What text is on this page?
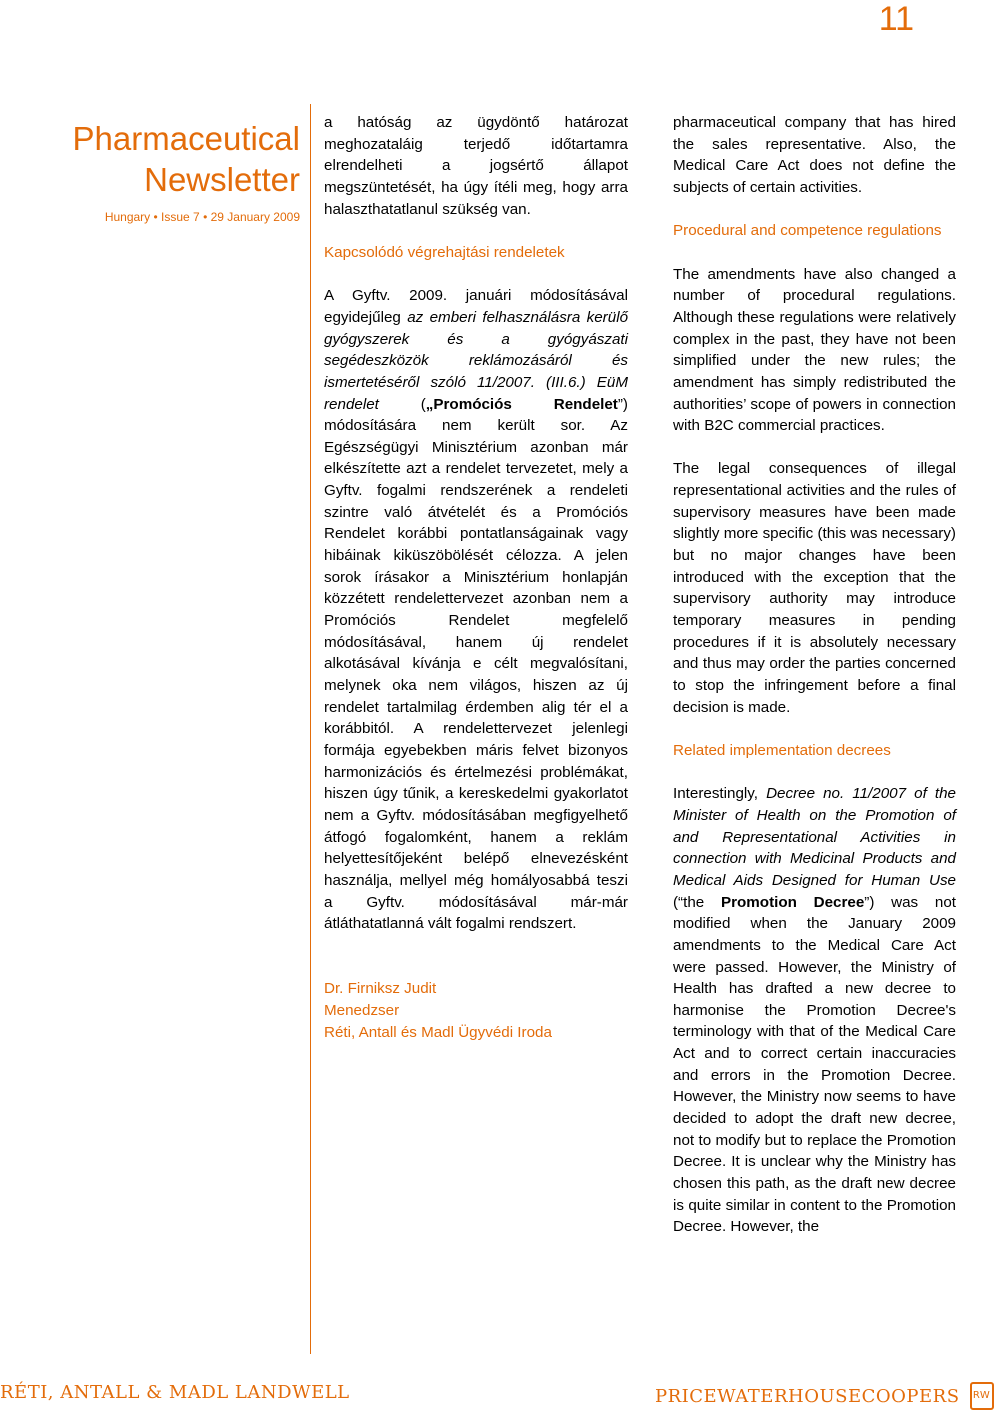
11
Pharmaceutical
Newsletter
Hungary • Issue 7 • 29 January 2009

a hatóság az ügydöntő határozat meghozataláig terjedő időtartamra elrendelheti a jogsértő állapot megszüntetését, ha úgy ítéli meg, hogy arra halaszthatatlanul szükség van.

Kapcsolódó végrehajtási rendeletek

A Gyftv. 2009. januári módosításával egyidejűleg az emberi felhasználásra kerülő gyógyszerek és a gyógyászati segédeszközök reklámozásáról és ismertetéséről szóló 11/2007. (III.6.) EüM rendelet („Promóciós Rendelet”) módosítására nem került sor. Az Egészségügyi Minisztérium azonban már elkészítette azt a rendelet tervezetet, mely a Gyftv. fogalmi rendszerének a rendeleti szintre való átvételét és a Promóciós Rendelet korábbi pontatlanságainak vagy hibáinak kiküszöbölését célozza. A jelen sorok írásakor a Minisztérium honlapján közzétett rendelettervezet azonban nem a Promóciós Rendelet megfelelő módosításával, hanem új rendelet alkotásával kívánja e célt megvalósítani, melynek oka nem világos, hiszen az új rendelet tartalmilag érdemben alig tér el a korábbitól. A rendelettervezet jelenlegi formája egyebekben máris felvet bizonyos harmonizációs és értelmezési problémákat, hiszen úgy tűnik, a kereskedelmi gyakorlatot nem a Gyftv. módosításában megfigyelhető átfogó fogalomként, hanem a reklám helyettesítőjeként belépő elnevezésként használja, mellyel még homályosabbá teszi a Gyftv. módosításával már-már átláthatatlanná vált fogalmi rendszert.

Dr. Firniksz Judit

Menedzser

Réti, Antall és Madl Ügyvédi Iroda

pharmaceutical company that has hired the sales representative. Also, the Medical Care Act does not define the subjects of certain activities.

Procedural and competence regulations

The amendments have also changed a number of procedural regulations. Although these regulations were relatively complex in the past, they have not been simplified under the new rules; the amendment has simply redistributed the authorities’ scope of powers in connection with B2C commercial practices.

The legal consequences of illegal representational activities and the rules of supervisory measures have been made slightly more specific (this was necessary) but no major changes have been introduced with the exception that the supervisory authority may introduce temporary measures in pending procedures if it is absolutely necessary and thus may order the parties concerned to stop the infringement before a final decision is made.

Related implementation decrees

Interestingly, Decree no. 11/2007 of the Minister of Health on the Promotion of and Representational Activities in connection with Medicinal Products and Medical Aids Designed for Human Use (“the Promotion Decree”) was not modified when the January 2009 amendments to the Medical Care Act were passed. However, the Ministry of Health has drafted a new decree to harmonise the Promotion Decree's terminology with that of the Medical Care Act and to correct certain inaccuracies and errors in the Promotion Decree. However, the Ministry now seems to have decided to adopt the draft new decree, not to modify but to replace the Promotion Decree. It is unclear why the Ministry has chosen this path, as the draft new decree is quite similar in content to the Promotion Decree. However, the

RÉTI, ANTALL & MADL LANDWELL	PRICEWATERHOUSECOOPERS	RW
